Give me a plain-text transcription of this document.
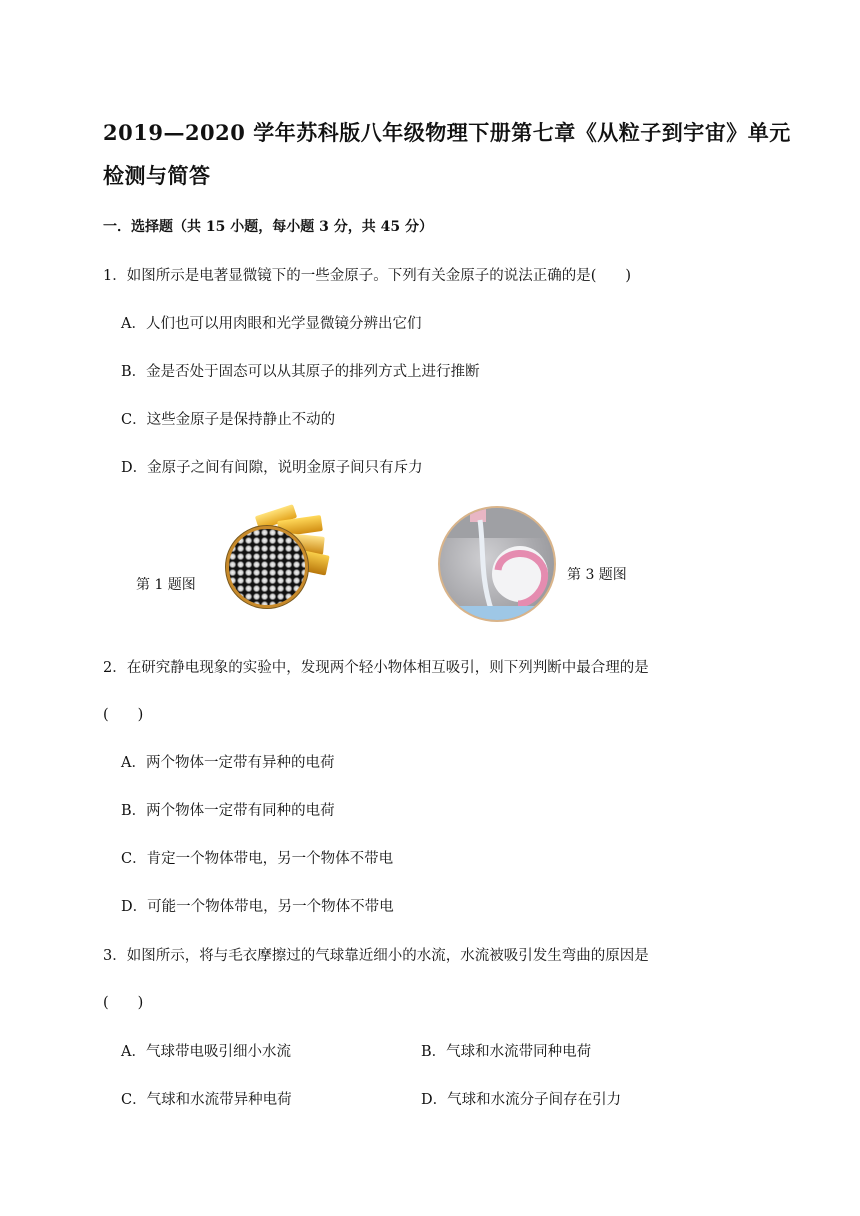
2019—2020 学年苏科版八年级物理下册第七章《从粒子到宇宙》单元
检测与简答
一．选择题（共 15 小题，每小题 3 分，共 45 分）
1．如图所示是电著显微镜下的一些金原子。下列有关金原子的说法正确的是(　　)
A．人们也可以用肉眼和光学显微镜分辨出它们
B．金是否处于固态可以从其原子的排列方式上进行推断
C．这些金原子是保持静止不动的
D．金原子之间有间隙，说明金原子间只有斥力
第 1 题图
第 3 题图
2．在研究静电现象的实验中，发现两个轻小物体相互吸引，则下列判断中最合理的是
(　　)
A．两个物体一定带有异种的电荷
B．两个物体一定带有同种的电荷
C．肯定一个物体带电，另一个物体不带电
D．可能一个物体带电，另一个物体不带电
3．如图所示，将与毛衣摩擦过的气球靠近细小的水流，水流被吸引发生弯曲的原因是
(　　)
A．气球带电吸引细小水流	B．气球和水流带同种电荷
C．气球和水流带异种电荷	D．气球和水流分子间存在引力
